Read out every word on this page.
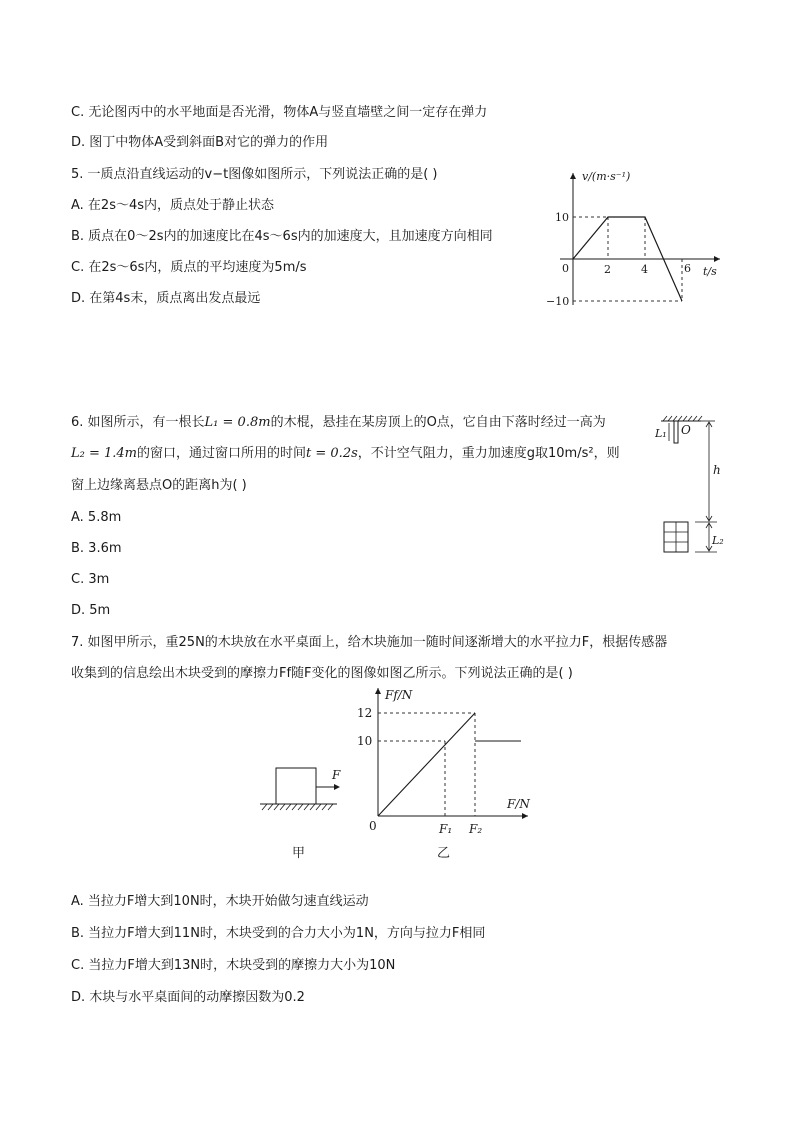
C. 无论图丙中的水平地面是否光滑，物体A与竖直墙壁之间一定存在弹力
D. 图丁中物体A受到斜面B对它的弹力的作用
5. 一质点沿直线运动的v−t图像如图所示，下列说法正确的是( )
A. 在2s～4s内，质点处于静止状态
B. 质点在0～2s内的加速度比在4s～6s内的加速度大，且加速度方向相同
C. 在2s～6s内，质点的平均速度为5m/s
D. 在第4s末，质点离出发点最远
v/(m·s⁻¹)
t/s
0
10
−10
2	4	6
6. 如图所示，有一根长L₁ = 0.8m的木棍，悬挂在某房顶上的O点，它自由下落时经过一高为
L₂ = 1.4m的窗口，通过窗口所用的时间t = 0.2s，不计空气阻力，重力加速度g取10m/s²，则
窗上边缘离悬点O的距离h为( )
A. 5.8m
B. 3.6m
C. 3m
D. 5m
L₁ O
h
L₂
7. 如图甲所示，重25N的木块放在水平桌面上，给木块施加一随时间逐渐增大的水平拉力F，根据传感器
收集到的信息绘出木块受到的摩擦力Ff随F变化的图像如图乙所示。下列说法正确的是( )
F
甲
Ff/N
F/N
0
12
10
F₁ F₂
乙
A. 当拉力F增大到10N时，木块开始做匀速直线运动
B. 当拉力F增大到11N时，木块受到的合力大小为1N，方向与拉力F相同
C. 当拉力F增大到13N时，木块受到的摩擦力大小为10N
D. 木块与水平桌面间的动摩擦因数为0.2
